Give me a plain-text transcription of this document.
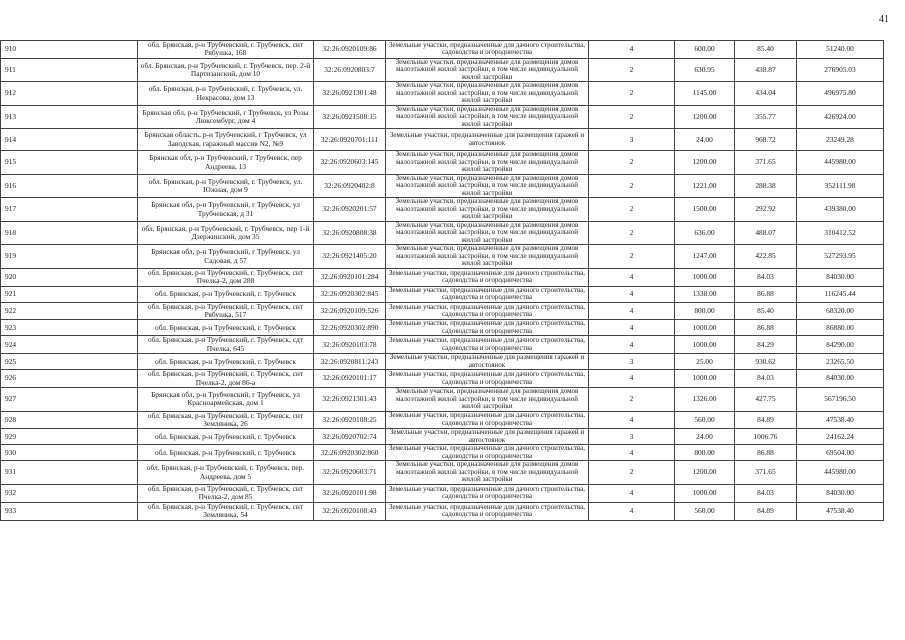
41
910	обл. Брянская, р-н Трубчевский, г. Трубчевск, снт Рябушка, 168	32:26:0920109:86	Земельные участки, предназначенные для дачного строительства, садоводства и огородничества	4	600.00	85.40	51240.00
911	обл. Брянская, р-н Трубчевский, г. Трубчевск, пер. 2-й Партизанский, дом 10	32:26:0920803:7	Земельные участки, предназначенные для размещения домов малоэтажной жилой застройки, в том числе индивидуальной жилой застройки	2	630.95	438.87	276905.03
912	обл. Брянская, р-н Трубчевский, г. Трубчевск, ул. Некрасова, дом 13	32:26:0921301:48	Земельные участки, предназначенные для размещения домов малоэтажной жилой застройки, в том числе индивидуальной жилой застройки	2	1145.00	434.04	496975.80
913	Брянская обл, р-н Трубчевский, г Трубчевск, ул Розы Люксембург, дом 4	32:26:0921508:15	Земельные участки, предназначенные для размещения домов малоэтажной жилой застройки, в том числе индивидуальной жилой застройки	2	1200.00	355.77	426924.00
914	Брянская область, р-н Трубчевский, г Трубчевск, ул Заводская, гаражный массив N2, №9	32:26:0920701:111	Земельные участки, предназначенные для размещения гаражей и автостоянок	3	24.00	968.72	23249.28
915	Брянская обл, р-н Трубчевский, г Трубчевск, пер Андреева, 13	32:26:0920603:145	Земельные участки, предназначенные для размещения домов малоэтажной жилой застройки, в том числе индивидуальной жилой застройки	2	1200.00	371.65	445980.00
916	обл. Брянская, р-н Трубчевский, г. Трубчевск, ул. Южная, дом 9	32:26:0920402:8	Земельные участки, предназначенные для размещения домов малоэтажной жилой застройки, в том числе индивидуальной жилой застройки	2	1221.00	288.38	352111.98
917	Брянская обл, р-н Трубчевский, г Трубчевск, ул Трубчевская, д 31	32:26:0920201:57	Земельные участки, предназначенные для размещения домов малоэтажной жилой застройки, в том числе индивидуальной жилой застройки	2	1500.00	292.92	439380.00
918	обл. Брянская, р-н Трубчевский, г. Трубчевск, пер 1-й Дзержинский, дом 35	32:26:0920808:38	Земельные участки, предназначенные для размещения домов малоэтажной жилой застройки, в том числе индивидуальной жилой застройки	2	636.00	488.07	310412.52
919	Брянская обл, р-н Трубчевский, г Трубчевск, ул Садовая, д 57	32:26:0921405:20	Земельные участки, предназначенные для размещения домов малоэтажной жилой застройки, в том числе индивидуальной жилой застройки	2	1247.00	422.85	527293.95
920	обл. Брянская, р-н Трубчевский, г. Трубчевск, снт Пчелка-2, дом 288	32:26:0920101:284	Земельные участки, предназначенные для дачного строительства, садоводства и огородничества	4	1000.00	84.03	84030.00
921	обл. Брянская, р-н Трубчевский, г. Трубчевск	32:26:0920302:845	Земельные участки, предназначенные для дачного строительства, садоводства и огородничества	4	1338.00	86.88	116245.44
922	обл. Брянская, р-н Трубчевский, г. Трубчевск, снт Рябушка, 517	32:26:0920109:526	Земельные участки, предназначенные для дачного строительства, садоводства и огородничества	4	800.00	85.40	68320.00
923	обл. Брянская, р-н Трубчевский, г. Трубчевск	32:26:0920302:890	Земельные участки, предназначенные для дачного строительства, садоводства и огородничества	4	1000.00	86.88	86880.00
924	обл. Брянская, р-н Трубчевский, г. Трубчевск, сдт Пчелка, 645	32:26:0920103:78	Земельные участки, предназначенные для дачного строительства, садоводства и огородничества	4	1000.00	84.29	84290.00
925	обл. Брянская, р-н Трубчевский, г. Трубчевск	32:26:0920811:243	Земельные участки, предназначенные для размещения гаражей и автостоянок	3	25.00	930.62	23265.50
926	обл. Брянская, р-н Трубчевский, г. Трубчевск, снт Пчелка-2, дом 86-а	32:26:0920101:17	Земельные участки, предназначенные для дачного строительства, садоводства и огородничества	4	1000.00	84.03	84030.00
927	Брянская обл, р-н Трубчевский, г Трубчевск, ул Красноармейская, дом 1	32:26:0921301:43	Земельные участки, предназначенные для размещения домов малоэтажной жилой застройки, в том числе индивидуальной жилой застройки	2	1326.00	427.75	567196.50
928	обл. Брянская, р-н Трубчевский, г. Трубчевск, снт Земляника, 26	32:26:0920108:25	Земельные участки, предназначенные для дачного строительства, садоводства и огородничества	4	560.00	84.89	47538.40
929	обл. Брянская, р-н Трубчевский, г. Трубчевск	32:26:0920702:74	Земельные участки, предназначенные для размещения гаражей и автостоянок	3	24.00	1006.76	24162.24
930	обл. Брянская, р-н Трубчевский, г. Трубчевск	32:26:0920302:860	Земельные участки, предназначенные для дачного строительства, садоводства и огородничества	4	800.00	86.88	69504.00
931	обл. Брянская, р-н Трубчевский, г. Трубчевск, пер. Андреева, дом 5	32:26:0920603:71	Земельные участки, предназначенные для размещения домов малоэтажной жилой застройки, в том числе индивидуальной жилой застройки	2	1200.00	371.65	445980.00
932	обл. Брянская, р-н Трубчевский, г. Трубчевск, снт Пчелка-2, дом 85	32:26:0920101:98	Земельные участки, предназначенные для дачного строительства, садоводства и огородничества	4	1000.00	84.03	84030.00
933	обл. Брянская, р-н Трубчевский, г. Трубчевск, снт Земляника, 54	32:26:0920108:43	Земельные участки, предназначенные для дачного строительства, садоводства и огородничества	4	560.00	84.89	47538.40
